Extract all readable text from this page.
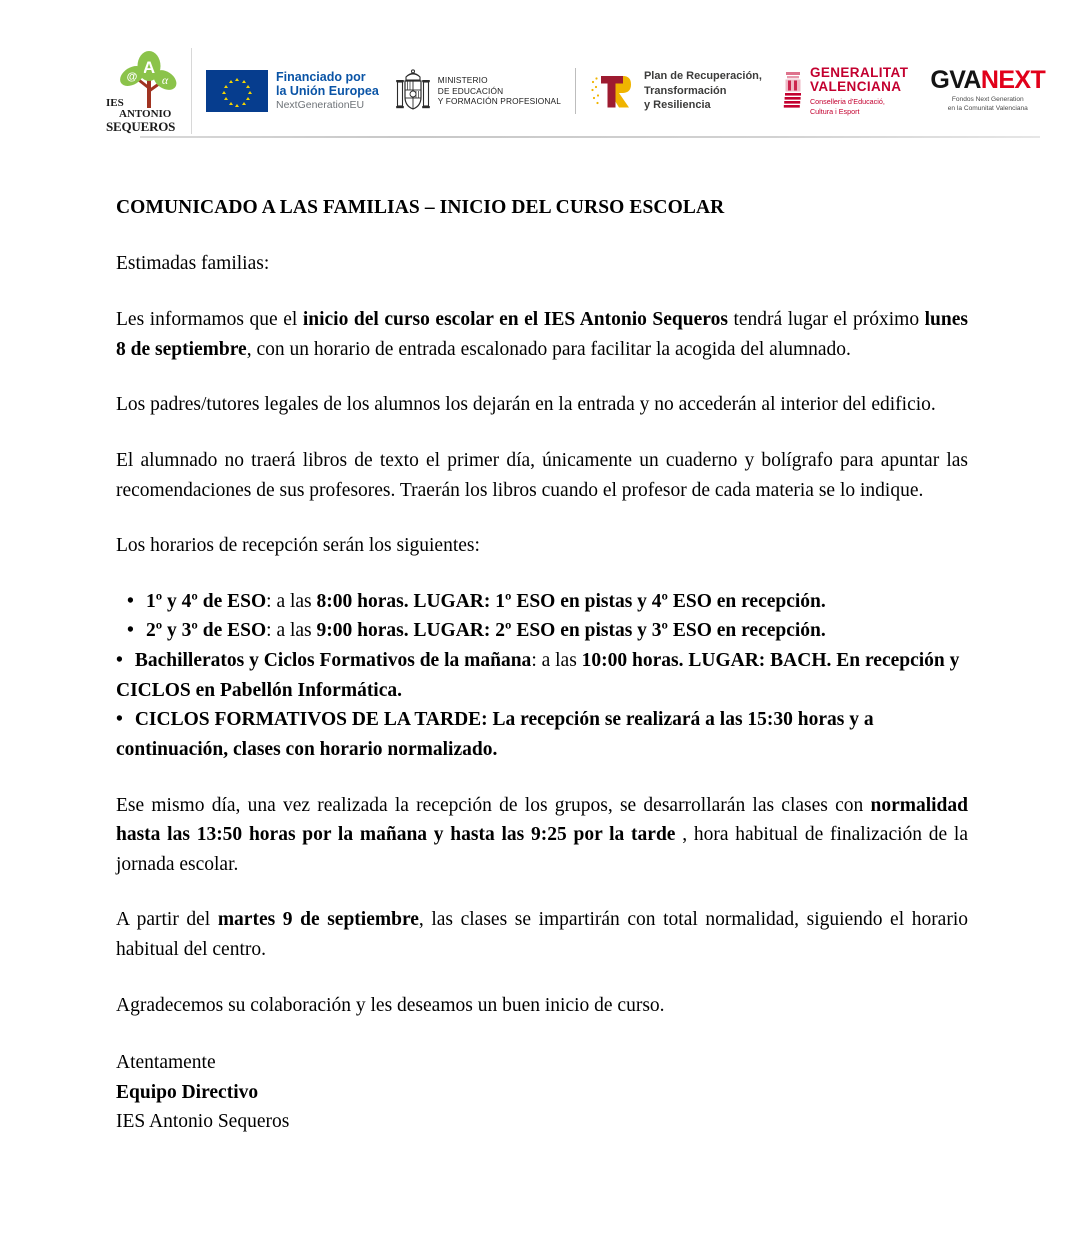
A
@ α
IES
ANTONIO
SEQUEROS
Financiado por
la Unión Europea
NextGenerationEU
MINISTERIO
DE EDUCACIÓN
Y FORMACIÓN PROFESIONAL
Plan de Recuperación,
Transformación
y Resiliencia
GENERALITAT
VALENCIANA
Conselleria d'Educació,
Cultura i Esport
GVANEXT
Fondos Next Generation
en la Comunitat Valenciana
COMUNICADO A LAS FAMILIAS – INICIO DEL CURSO ESCOLAR

Estimadas familias:

Les informamos que el inicio del curso escolar en el IES Antonio Sequeros tendrá lugar el próximo lunes 8 de septiembre, con un horario de entrada escalonado para facilitar la acogida del alumnado.

Los padres/tutores legales de los alumnos los dejarán en la entrada y no accederán al interior del edificio.

El alumnado no traerá libros de texto el primer día, únicamente un cuaderno y bolígrafo para apuntar las recomendaciones de sus profesores. Traerán los libros cuando el profesor de cada materia se lo indique.

Los horarios de recepción serán los siguientes:

• 1º y 4º de ESO: a las 8:00 horas. LUGAR: 1º ESO en pistas y 4º ESO en recepción.
• 2º y 3º de ESO: a las 9:00 horas. LUGAR: 2º ESO en pistas y 3º ESO en recepción.
• Bachilleratos y Ciclos Formativos de la mañana: a las 10:00 horas. LUGAR: BACH. En recepción y CICLOS en Pabellón Informática.
• CICLOS FORMATIVOS DE LA TARDE: La recepción se realizará a las 15:30 horas y a continuación, clases con horario normalizado.

Ese mismo día, una vez realizada la recepción de los grupos, se desarrollarán las clases con normalidad hasta las 13:50 horas por la mañana y hasta las 9:25 por la tarde , hora habitual de finalización de la jornada escolar.

A partir del martes 9 de septiembre, las clases se impartirán con total normalidad, siguiendo el horario habitual del centro.

Agradecemos su colaboración y les deseamos un buen inicio de curso.

Atentamente
Equipo Directivo
IES Antonio Sequeros
